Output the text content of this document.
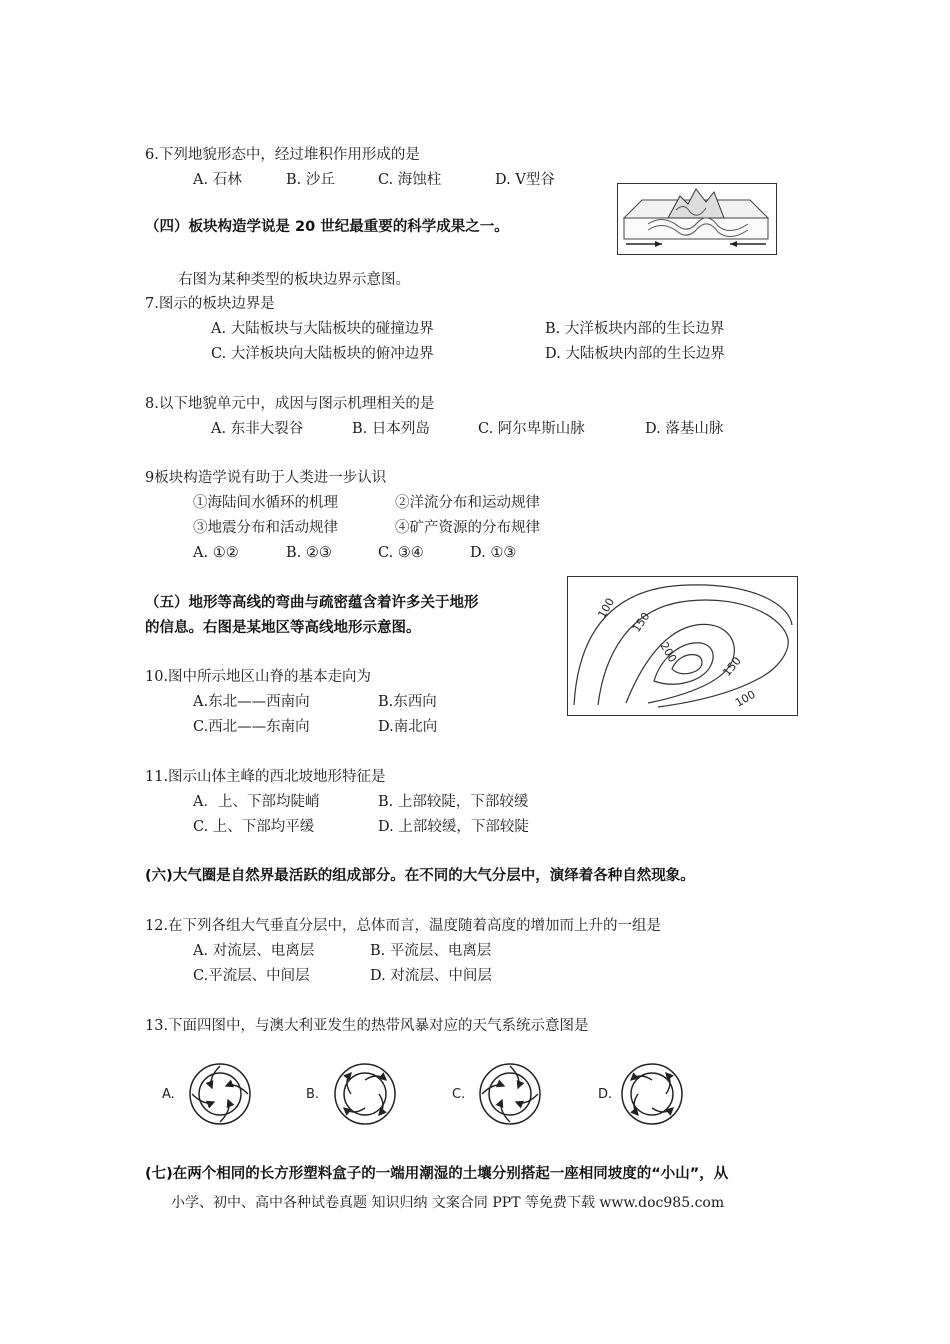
6.下列地貌形态中，经过堆积作用形成的是
A. 石林	B. 沙丘	C. 海蚀柱	D. V型谷
（四）板块构造学说是 20 世纪最重要的科学成果之一。
右图为某种类型的板块边界示意图。
7.图示的板块边界是
A. 大陆板块与大陆板块的碰撞边界	B. 大洋板块内部的生长边界
C. 大洋板块向大陆板块的俯冲边界	D. 大陆板块内部的生长边界
8.以下地貌单元中，成因与图示机理相关的是
A. 东非大裂谷	B. 日本列岛	C. 阿尔卑斯山脉	D. 落基山脉
9板块构造学说有助于人类进一步认识
①海陆间水循环的机理	②洋流分布和运动规律
③地震分布和活动规律	④矿产资源的分布规律
A. ①②	B. ②③	C. ③④	D. ①③
（五）地形等高线的弯曲与疏密蕴含着许多关于地形
的信息。右图是某地区等高线地形示意图。
100
150
200
150
100
10.图中所示地区山脊的基本走向为
A.东北——西南向	B.东西向
C.西北——东南向	D.南北向
11.图示山体主峰的西北坡地形特征是
A．上、下部均陡峭	B. 上部较陡，下部较缓
C. 上、下部均平缓	D. 上部较缓，下部较陡
(六)大气圈是自然界最活跃的组成部分。在不同的大气分层中，演绎着各种自然现象。
12.在下列各组大气垂直分层中，总体而言，温度随着高度的增加而上升的一组是
A. 对流层、电离层	B. 平流层、电离层
C.平流层、中间层	D. 对流层、中间层
13.下面四图中，与澳大利亚发生的热带风暴对应的天气系统示意图是
A.	B.	C.	D.
(七)在两个相同的长方形塑料盒子的一端用潮湿的土壤分别搭起一座相同坡度的“小山”，从
小学、初中、高中各种试卷真题 知识归纳 文案合同 PPT 等免费下载 www.doc985.com
